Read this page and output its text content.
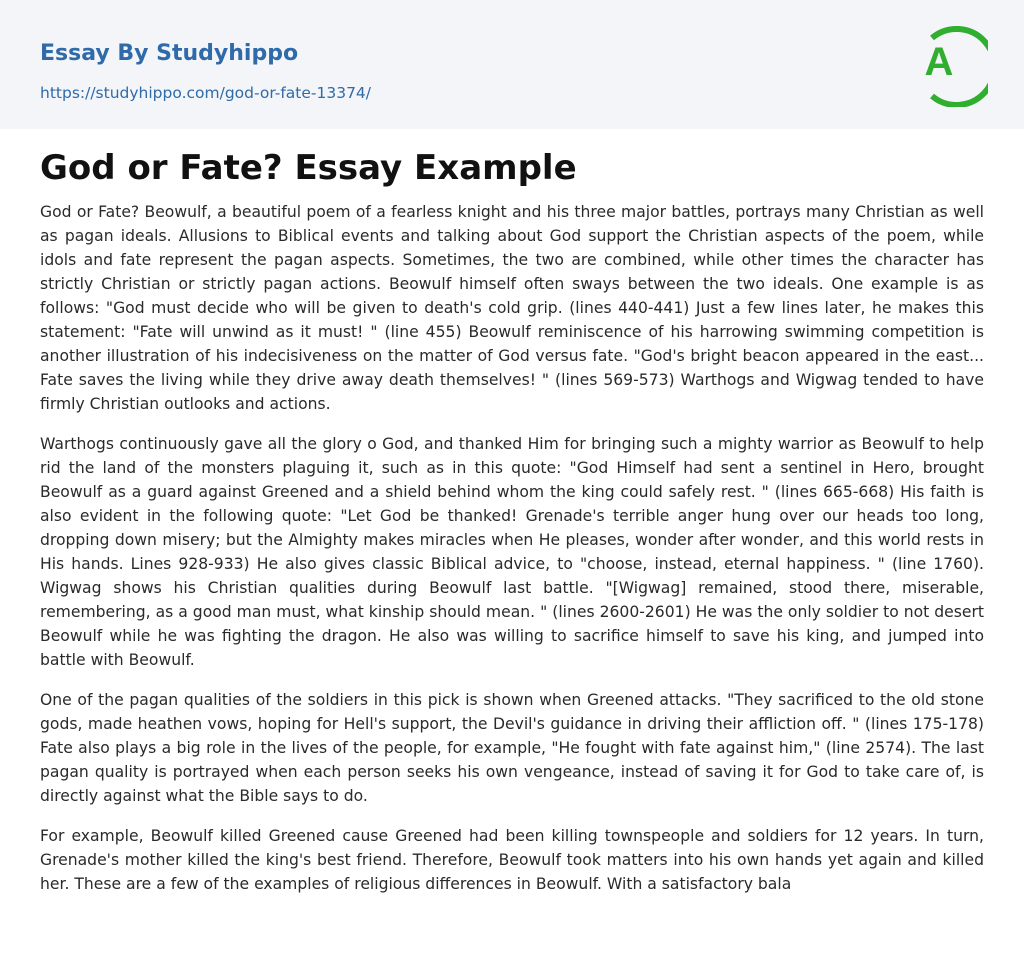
Essay By Studyhippo
https://studyhippo.com/god-or-fate-13374/
A
God or Fate? Essay Example

God or Fate? Beowulf, a beautiful poem of a fearless knight and his three major battles, portrays many Christian as well as pagan ideals. Allusions to Biblical events and talking about God support the Christian aspects of the poem, while idols and fate represent the pagan aspects. Sometimes, the two are combined, while other times the character has strictly Christian or strictly pagan actions. Beowulf himself often sways between the two ideals. One example is as follows: "God must decide who will be given to death's cold grip. (lines 440-441) Just a few lines later, he makes this statement: "Fate will unwind as it must! " (line 455) Beowulf reminiscence of his harrowing swimming competition is another illustration of his indecisiveness on the matter of God versus fate. "God's bright beacon appeared in the east... Fate saves the living while they drive away death themselves! " (lines 569-573) Warthogs and Wigwag tended to have firmly Christian outlooks and actions.

Warthogs continuously gave all the glory o God, and thanked Him for bringing such a mighty warrior as Beowulf to help rid the land of the monsters plaguing it, such as in this quote: "God Himself had sent a sentinel in Hero, brought Beowulf as a guard against Greened and a shield behind whom the king could safely rest. " (lines 665-668) His faith is also evident in the following quote: "Let God be thanked! Grenade's terrible anger hung over our heads too long, dropping down misery; but the Almighty makes miracles when He pleases, wonder after wonder, and this world rests in His hands. Lines 928-933) He also gives classic Biblical advice, to "choose, instead, eternal happiness. " (line 1760). Wigwag shows his Christian qualities during Beowulf last battle. "[Wigwag] remained, stood there, miserable, remembering, as a good man must, what kinship should mean. " (lines 2600-2601) He was the only soldier to not desert Beowulf while he was fighting the dragon. He also was willing to sacrifice himself to save his king, and jumped into battle with Beowulf.

One of the pagan qualities of the soldiers in this pick is shown when Greened attacks. "They sacrificed to the old stone gods, made heathen vows, hoping for Hell's support, the Devil's guidance in driving their affliction off. " (lines 175-178) Fate also plays a big role in the lives of the people, for example, "He fought with fate against him," (line 2574). The last pagan quality is portrayed when each person seeks his own vengeance, instead of saving it for God to take care of, is directly against what the Bible says to do.

For example, Beowulf killed Greened cause Greened had been killing townspeople and soldiers for 12 years. In turn, Grenade's mother killed the king's best friend. Therefore, Beowulf took matters into his own hands yet again and killed her. These are a few of the examples of religious differences in Beowulf. With a satisfactory bala
